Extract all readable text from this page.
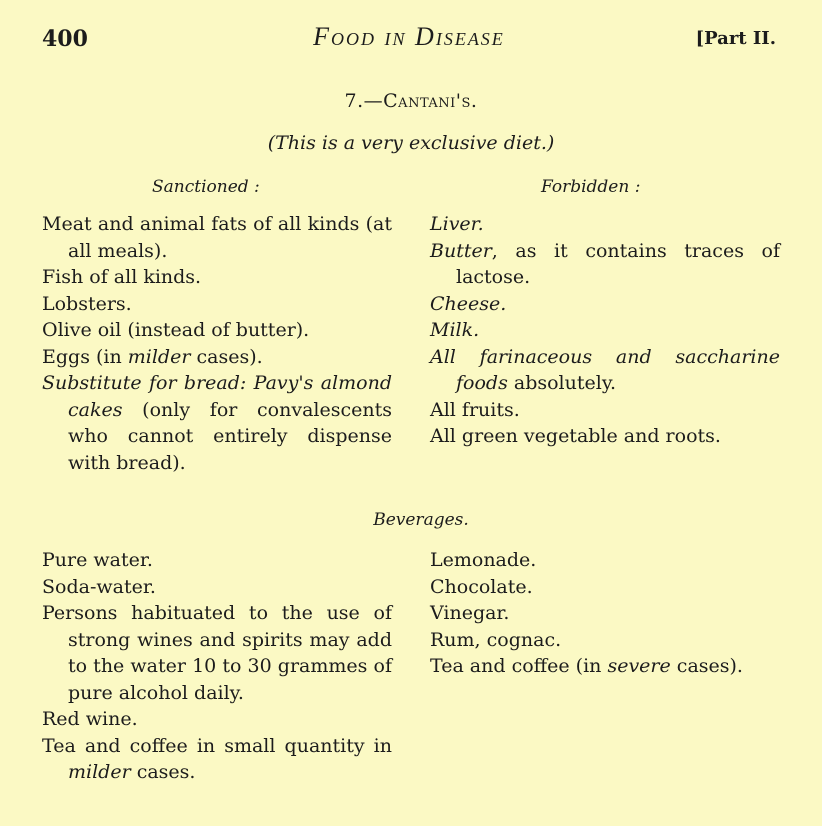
400	Food in Disease	[Part II.
7.—Cantani's.
(This is a very exclusive diet.)
Sanctioned :	Forbidden :
Meat and animal fats of all kinds (at all meals).
Fish of all kinds.
Lobsters.
Olive oil (instead of butter).
Eggs (in milder cases).
Substitute for bread: Pavy's almond cakes (only for convalescents who cannot entirely dispense with bread).
Liver.
Butter, as it contains traces of lactose.
Cheese.
Milk.
All farinaceous and saccharine foods absolutely.
All fruits.
All green vegetable and roots.
Beverages.
Pure water.
Soda-water.
Persons habituated to the use of strong wines and spirits may add to the water 10 to 30 grammes of pure alcohol daily.
Red wine.
Tea and coffee in small quantity in milder cases.
Lemonade.
Chocolate.
Vinegar.
Rum, cognac.
Tea and coffee (in severe cases).
